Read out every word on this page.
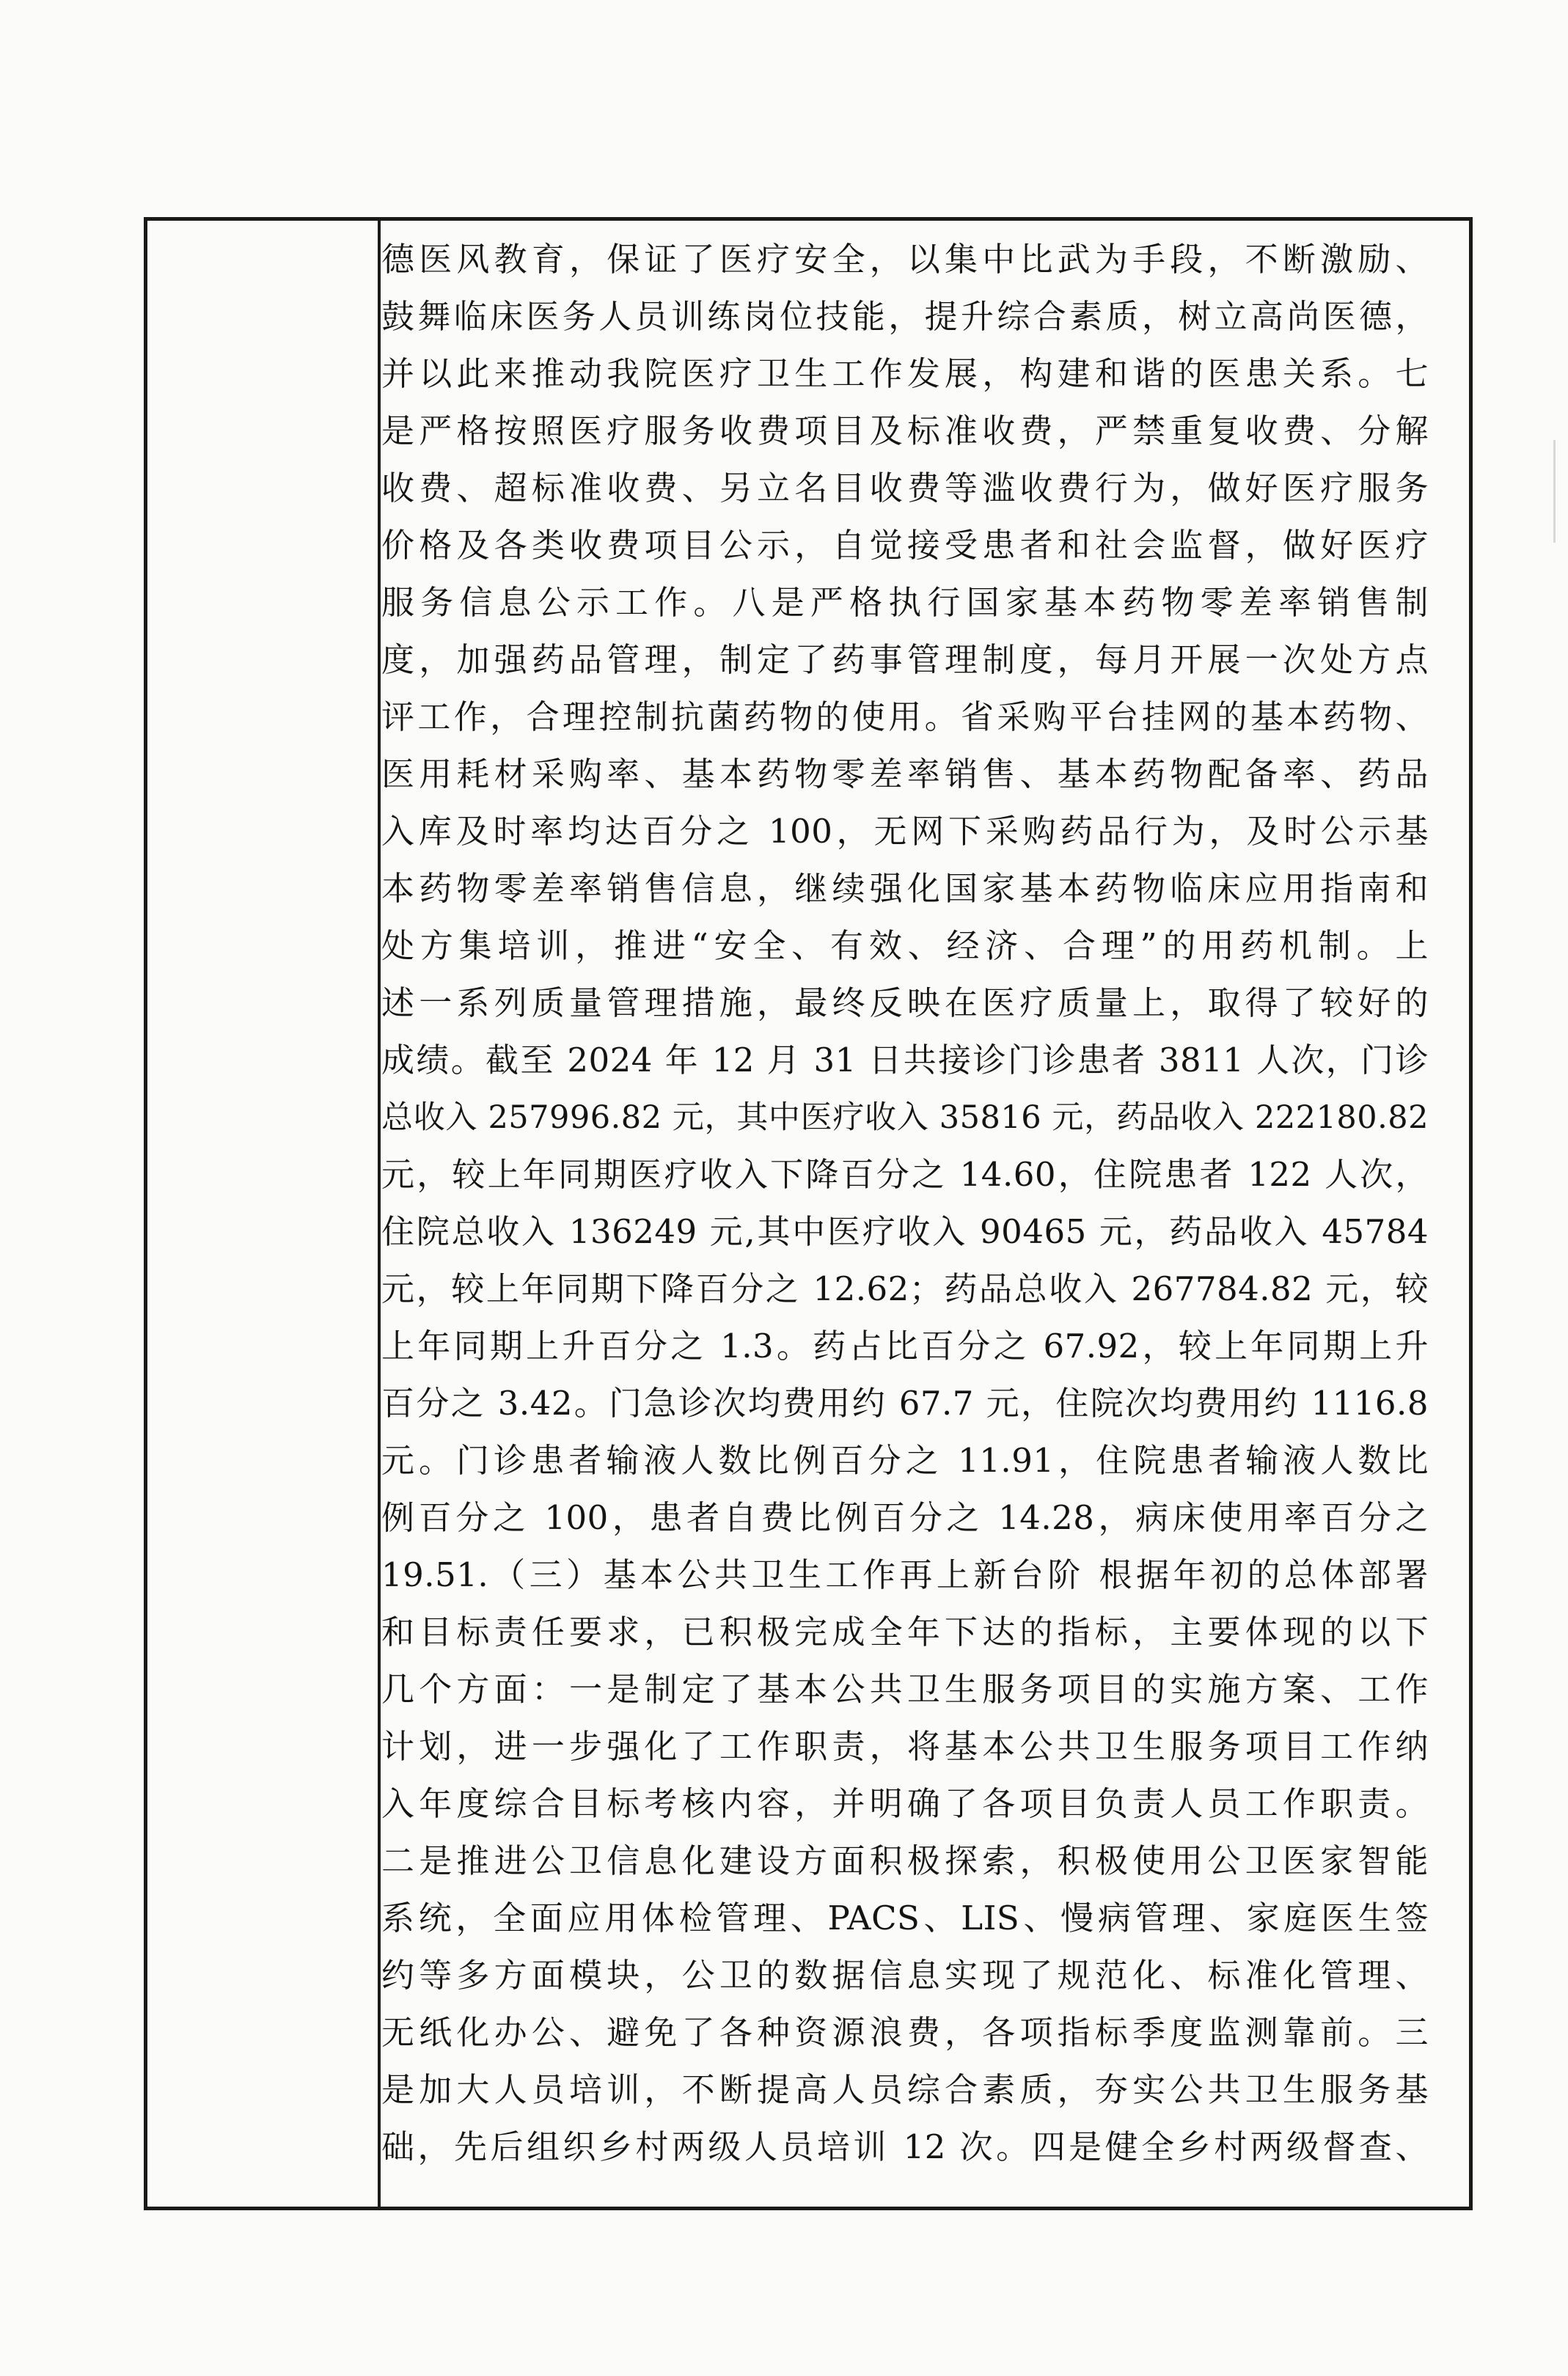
德医风教育，保证了医疗安全，以集中比武为手段，不断激励、
鼓舞临床医务人员训练岗位技能，提升综合素质，树立高尚医德，
并以此来推动我院医疗卫生工作发展，构建和谐的医患关系。七
是严格按照医疗服务收费项目及标准收费，严禁重复收费、分解
收费、超标准收费、另立名目收费等滥收费行为，做好医疗服务
价格及各类收费项目公示，自觉接受患者和社会监督，做好医疗
服务信息公示工作。八是严格执行国家基本药物零差率销售制
度，加强药品管理，制定了药事管理制度，每月开展一次处方点
评工作，合理控制抗菌药物的使用。省采购平台挂网的基本药物、
医用耗材采购率、基本药物零差率销售、基本药物配备率、药品
入库及时率均达百分之 100，无网下采购药品行为，及时公示基
本药物零差率销售信息，继续强化国家基本药物临床应用指南和
处方集培训，推进“安全、有效、经济、合理”的用药机制。上
述一系列质量管理措施，最终反映在医疗质量上，取得了较好的
成绩。截至 2024 年 12 月 31 日共接诊门诊患者 3811 人次，门诊
总收入 257996.82 元，其中医疗收入 35816 元，药品收入 222180.82
元，较上年同期医疗收入下降百分之 14.60，住院患者 122 人次，
住院总收入 136249 元,其中医疗收入 90465 元，药品收入 45784
元，较上年同期下降百分之 12.62；药品总收入 267784.82 元，较
上年同期上升百分之 1.3。药占比百分之 67.92，较上年同期上升
百分之 3.42。门急诊次均费用约 67.7 元，住院次均费用约 1116.8
元。门诊患者输液人数比例百分之 11.91，住院患者输液人数比
例百分之 100，患者自费比例百分之 14.28，病床使用率百分之
19.51.（三）基本公共卫生工作再上新台阶 根据年初的总体部署
和目标责任要求，已积极完成全年下达的指标，主要体现的以下
几个方面：一是制定了基本公共卫生服务项目的实施方案、工作
计划，进一步强化了工作职责，将基本公共卫生服务项目工作纳
入年度综合目标考核内容，并明确了各项目负责人员工作职责。
二是推进公卫信息化建设方面积极探索，积极使用公卫医家智能
系统，全面应用体检管理、PACS、LIS、慢病管理、家庭医生签
约等多方面模块，公卫的数据信息实现了规范化、标准化管理、
无纸化办公、避免了各种资源浪费，各项指标季度监测靠前。三
是加大人员培训，不断提高人员综合素质，夯实公共卫生服务基
础，先后组织乡村两级人员培训 12 次。四是健全乡村两级督查、
